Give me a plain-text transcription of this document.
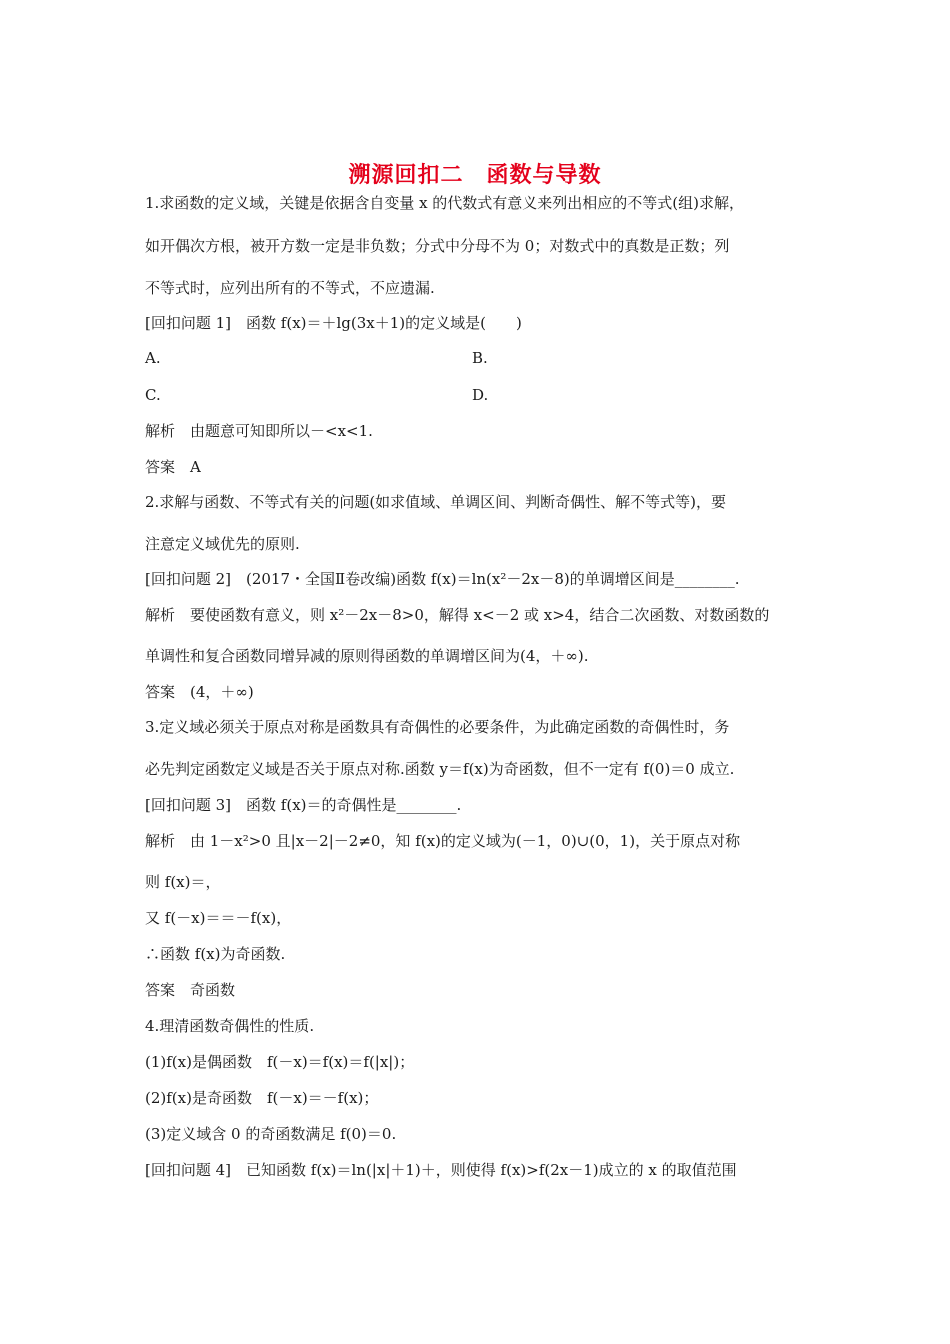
溯源回扣二　函数与导数
1.求函数的定义域，关键是依据含自变量 x 的代数式有意义来列出相应的不等式(组)求解，
如开偶次方根，被开方数一定是非负数；分式中分母不为 0；对数式中的真数是正数；列
不等式时，应列出所有的不等式，不应遗漏.
[回扣问题 1]　函数 f(x)＝＋lg(3x＋1)的定义域是(　　)
A.	B.
C.	D.
解析　由题意可知即所以－<x<1.
答案　A
2.求解与函数、不等式有关的问题(如求值域、单调区间、判断奇偶性、解不等式等)，要
注意定义域优先的原则.
[回扣问题 2]　(2017・全国Ⅱ卷改编)函数 f(x)＝ln(x²－2x－8)的单调增区间是________.
解析　要使函数有意义，则 x²－2x－8>0，解得 x<－2 或 x>4，结合二次函数、对数函数的
单调性和复合函数同增异减的原则得函数的单调增区间为(4，＋∞).
答案　(4，＋∞)
3.定义域必须关于原点对称是函数具有奇偶性的必要条件，为此确定函数的奇偶性时，务
必先判定函数定义域是否关于原点对称.函数 y＝f(x)为奇函数，但不一定有 f(0)＝0 成立.
[回扣问题 3]　函数 f(x)＝的奇偶性是________.
解析　由 1－x²>0 且|x－2|－2≠0，知 f(x)的定义域为(－1，0)∪(0，1)，关于原点对称
则 f(x)＝，
又 f(－x)＝＝－f(x)，
∴函数 f(x)为奇函数.
答案　奇函数
4.理清函数奇偶性的性质.
(1)f(x)是偶函数　f(－x)＝f(x)＝f(|x|)；
(2)f(x)是奇函数　f(－x)＝－f(x)；
(3)定义域含 0 的奇函数满足 f(0)＝0.
[回扣问题 4]　已知函数 f(x)＝ln(|x|＋1)＋，则使得 f(x)>f(2x－1)成立的 x 的取值范围
